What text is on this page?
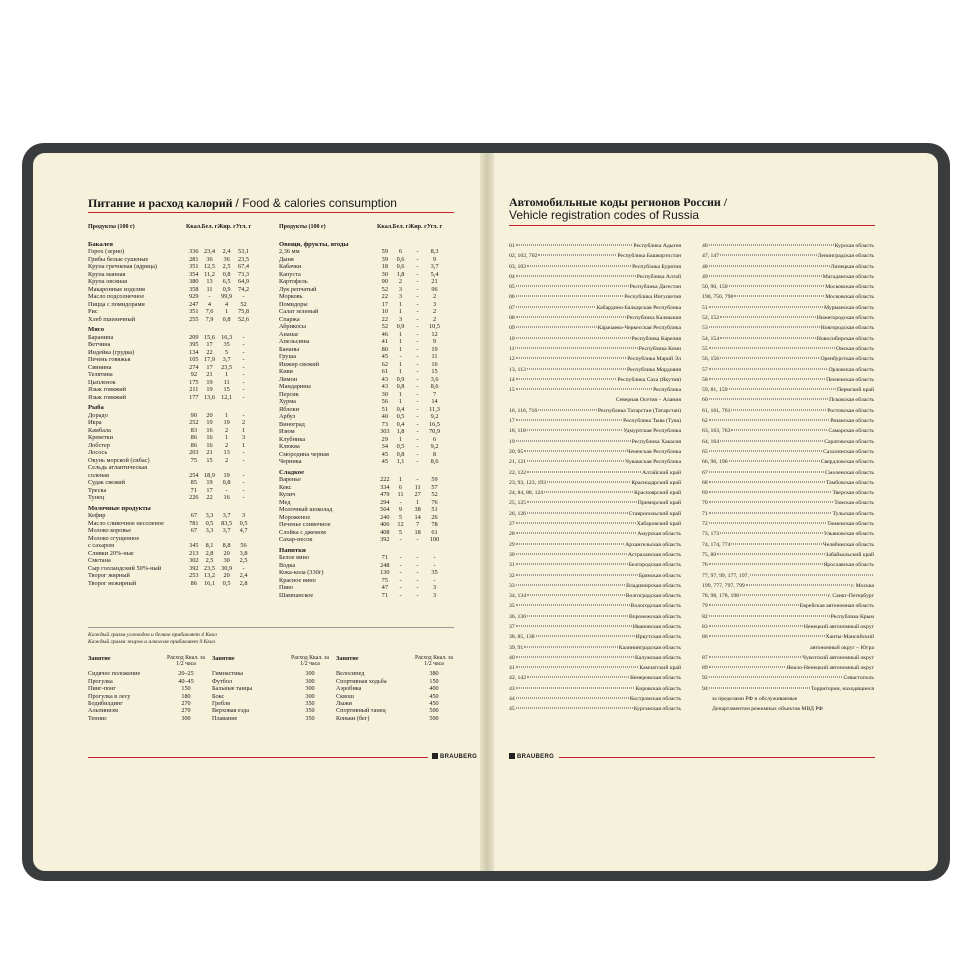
Питание и расход калорий / Food & calories consumption
Продукты (100 г)	Ккал.	Бел. г	Жир. г	Угл. г
Бакалея				
Горох (зерно)	336	23,4	2,4	53,1
Грибы белые сушеные	281	36	36	23,5
Крупа гречневая (ядрица)	351	12,5	2,5	67,4
Крупа манная	354	11,2	0,8	73,3
Крупа овсяная	380	13	6,5	64,9
Макаронные изделия	358	11	0,9	74,2
Масло подсолнечное	929	-	99,9	-
Пицца с помидорами	247	4	4	52
Рис	351	7,6	1	75,8
Хлеб пшеничный	255	7,9	0,8	52,6
Мясо				
Баранина	209	15,6	16,3	-
Ветчина	395	17	35	-
Индейка (грудка)	134	22	5	-
Печень говяжья	105	17,9	3,7	-
Свинина	274	17	23,5	-
Телятина	92	21	1	-
Цыпленок	175	19	11	-
Язык говяжий	211	19	15	-
Язык говяжий	177	13,6	12,1	-
Рыба				
Дорадо	90	20	1	-
Икра	252	19	19	2
Камбала	83	16	2	1
Креветки	86	16	1	3
Лобстер	86	16	2	1
Лосось	203	21	13	-
Окунь морской (сибас)	75	15	2	-
Сельдь атлантическая				
соленая	254	18,9	19	-
Судак свежий	85	19	0,8	-
Треска	71	17	-	-
Тунец	226	22	16	-
Молочные продукты				
Кефир	67	3,3	3,7	3
Масло сливочное несоленое	781	0,5	83,5	0,5
Молоко коровье	67	3,3	3,7	4,7
Молоко сгущенное				
с сахаром	345	8,1	8,8	56
Сливки 20%-ные	213	2,8	20	3,8
Сметана	302	2,5	30	2,5
Сыр голландский 50%-ный	392	23,5	30,9	-
Творог жирный	253	13,2	20	2,4
Творог нежирный	86	16,1	0,5	2,8
Продукты (100 г)	Ккал.	Бел. г	Жир. г	Угл. г
Овощи, фрукты, ягоды				
2,36 мм	59	6	-	8,3
Дыня	39	0,6	-	9
Кабачки	18	0,6	-	3,7
Капуста	30	1,8	-	5,4
Картофель	90	2	-	21
Лук репчатый	52	3	-	96
Морковь	22	3	-	2
Помидоры	17	1	-	3
Салат зеленый	10	1	-	2
Спаржа	22	3	-	2
Абрикосы	52	0,9	-	10,5
Ананас	46	1	-	12
Апельсины	41	1	-	9
Бананы	80	1	-	19
Груша	45	-	-	11
Инжир свежий	62	1	-	16
Киви	61	1	-	15
Лимон	43	0,9	-	3,6
Мандарины	43	0,8	-	8,6
Персик	30	1	-	7
Хурма	56	1	-	14
Яблоки	51	0,4	-	11,3
Арбуз	40	0,5	-	9,2
Виноград	73	0,4	-	16,5
Изюм	303	1,8	-	70,9
Клубника	29	1	-	6
Клюква	34	0,5	-	9,2
Смородина черная	45	0,8	-	8
Черника	45	1,1	-	8,6
Сладкое				
Варенье	222	1	-	59
Кекс	334	6	11	57
Кулич	479	11	27	52
Мед	294	-	1	76
Молочный шоколад	564	9	38	51
Мороженое	240	5	14	26
Печенье сливочное	406	12	7	78
Слойка с джемом	408	5	18	61
Сахар-песок	392	-	-	100
Напитки				
Белое вино	71	-	-	-
Водка	248	-	-	-
Кока-кола (330г)	130	-	-	35
Красное вино	75	-	-	-
Пиво	47	-	-	3
Шампанское	71	-	-	3
Каждый грамм углеводов и белков прибавляет 4 Ккал
Каждый грамм жиров и алкоголя прибавляет 9 Ккал
Занятие	Расход Ккал. за 1/2 часа

Сидячее положение	20–25
Прогулка	40–45
Пинг-понг	150
Прогулка в лесу	180
Бодибилдинг	270
Альпинизм	270
Теннис	300
Занятие	Расход Ккал. за 1/2 часа

Гимнастика	300
Футбол	300
Бальные танцы	300
Бокс	300
Гребля	350
Верховая езда	350
Плавание	350
Занятие	Расход Ккал. за 1/2 часа

Велосипед	380
Спортивная ходьба	150
Аэробика	400
Сквош	450
Лыжи	450
Спортивный танец	500
Коньки (бег)	500
BRAUBERG
Автомобильные коды регионов России /
Vehicle registration codes of Russia
01	Республика Адыгея
02, 102, 702	Республика Башкортостан
03, 103	Республика Бурятия
04	Республика Алтай
05	Республика Дагестан
06	Республика Ингушетия
07	Кабардино-Балкарская Республика
08	Республика Калмыкия
09	Карачаево-Черкесская Республика
10	Республика Карелия
11	Республика Коми
12	Республика Марий Эл
13, 113	Республика Мордовия
14	Республика Саха (Якутия)
15	Республика
Северная Осетия – Алания
16, 116, 716	Республика Татарстан (Татарстан)
17	Республика Тыва (Тува)
18, 118	Удмуртская Республика
19	Республика Хакасия
20, 95	Чеченская Республика
21, 121	Чувашская Республика
22, 122	Алтайский край
23, 93, 123, 193	Краснодарский край
24, 84, 88, 124	Красноярский край
25, 125	Приморский край
26, 126	Ставропольский край
27	Хабаровский край
28	Амурская область
29	Архангельская область
30	Астраханская область
31	Белгородская область
32	Брянская область
33	Владимирская область
34, 134	Волгоградская область
35	Вологодская область
36, 136	Воронежская область
37	Ивановская область
38, 85, 138	Иркутская область
39, 91	Калининградская область
40	Калужская область
41	Камчатский край
42, 142	Кемеровская область
43	Кировская область
44	Костромская область
45	Курганская область
46	Курская область
47, 147	Ленинградская область
48	Липецкая область
49	Магаданская область
50, 90, 150	Московская область
190, 750, 790	Московская область
51	Мурманская область
52, 152	Нижегородская область
53	Новгородская область
54, 154	Новосибирская область
55	Омская область
56, 156	Оренбургская область
57	Орловская область
58	Пензенская область
59, 81, 159	Пермский край
60	Псковская область
61, 161, 761	Ростовская область
62	Рязанская область
63, 163, 763	Самарская область
64, 164	Саратовская область
65	Сахалинская область
66, 96, 196	Свердловская область
67	Смоленская область
68	Тамбовская область
69	Тверская область
70	Томская область
71	Тульская область
72	Тюменская область
73, 173	Ульяновская область
74, 174, 774	Челябинская область
75, 80	Забайкальский край
76	Ярославская область
77, 97, 99, 177, 197,
199, 777, 797, 799	г. Москва
78, 98, 178, 198	г. Санкт-Петербург
79	Еврейская автономная область
82	Республика Крым
83	Ненецкий автономный округ
86	Ханты-Мансийский
автономный округ – Югра
87	Чукотский автономный округ
89	Ямало-Ненецкий автономный округ
92	Севастополь
94	Территории, находящиеся
за пределами РФ и обслуживаемые
Департаментом режимных объектов МВД РФ
BRAUBERG
